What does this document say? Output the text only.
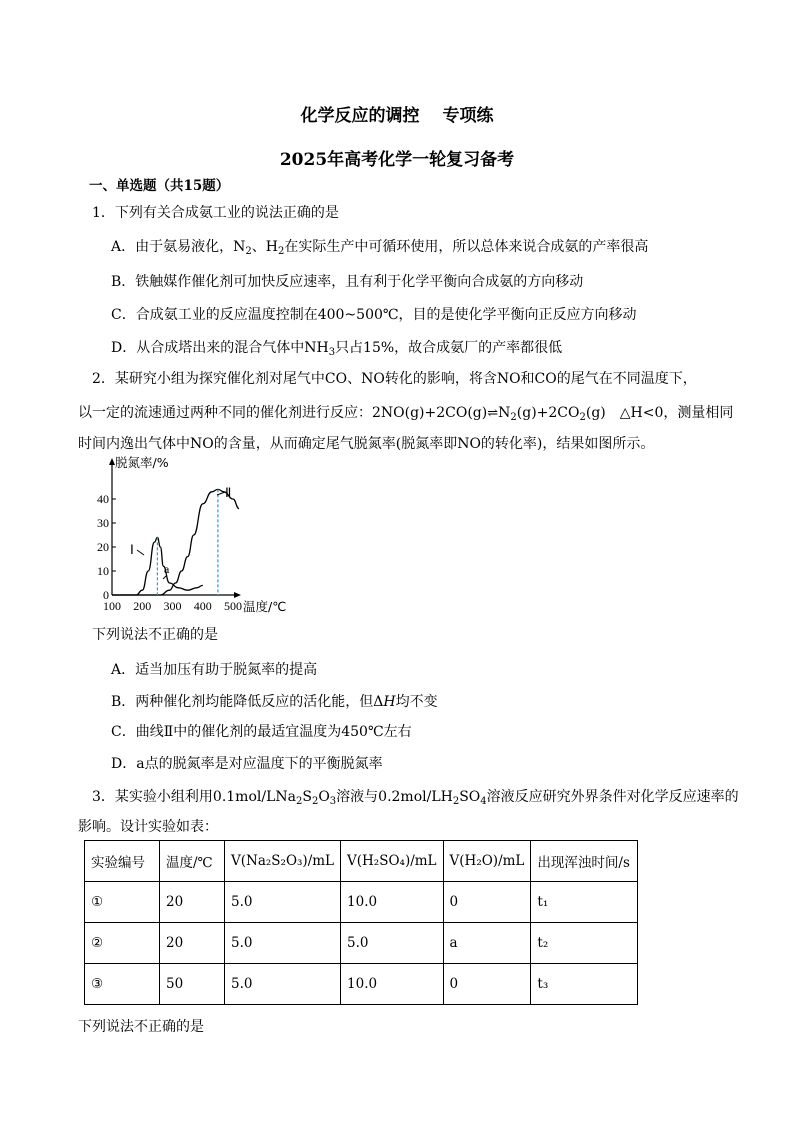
化学反应的调控　 专项练
2025年高考化学一轮复习备考
一、单选题（共15题）
1．下列有关合成氨工业的说法正确的是
A．由于氨易液化，$N_2$、$H_2$在实际生产中可循环使用，所以总体来说合成氨的产率很高
B．铁触媒作催化剂可加快反应速率，且有利于化学平衡向合成氨的方向移动
C．合成氨工业的反应温度控制在400~500℃，目的是使化学平衡向正反应方向移动
D．从合成塔出来的混合气体中$NH_3$只占15%，故合成氨厂的产率都很低
2．某研究小组为探究催化剂对尾气中CO、NO转化的影响，将含NO和CO的尾气在不同温度下，
以一定的流速通过两种不同的催化剂进行反应：$2NO(g)+2CO(g)\rightleftharpoons N_2(g)+2CO_2(g)$　△H<0，测量相同
时间内逸出气体中NO的含量，从而确定尾气脱氮率(脱氮率即NO的转化率)，结果如图所示。
0
10
20
30
40
100 200 300 400 500
脱氮率/%
温度/℃
Ⅰ
Ⅱ
a
下列说法不正确的是
A．适当加压有助于脱氮率的提高
B．两种催化剂均能降低反应的活化能，但ΔH均不变
C．曲线Ⅱ中的催化剂的最适宜温度为450℃左右
D．a点的脱氮率是对应温度下的平衡脱氮率
3．某实验小组利用$0.1mol/LNa_2S_2O_3$溶液与$0.2mol/LH_2SO_4$溶液反应研究外界条件对化学反应速率的
影响。设计实验如表：
实验编号	温度/℃	V(Na₂S₂O₃)/mL	V(H₂SO₄)/mL	V(H₂O)/mL	出现浑浊时间/s
①	20	5.0	10.0	0	t₁
②	20	5.0	5.0	a	t₂
③	50	5.0	10.0	0	t₃
下列说法不正确的是
